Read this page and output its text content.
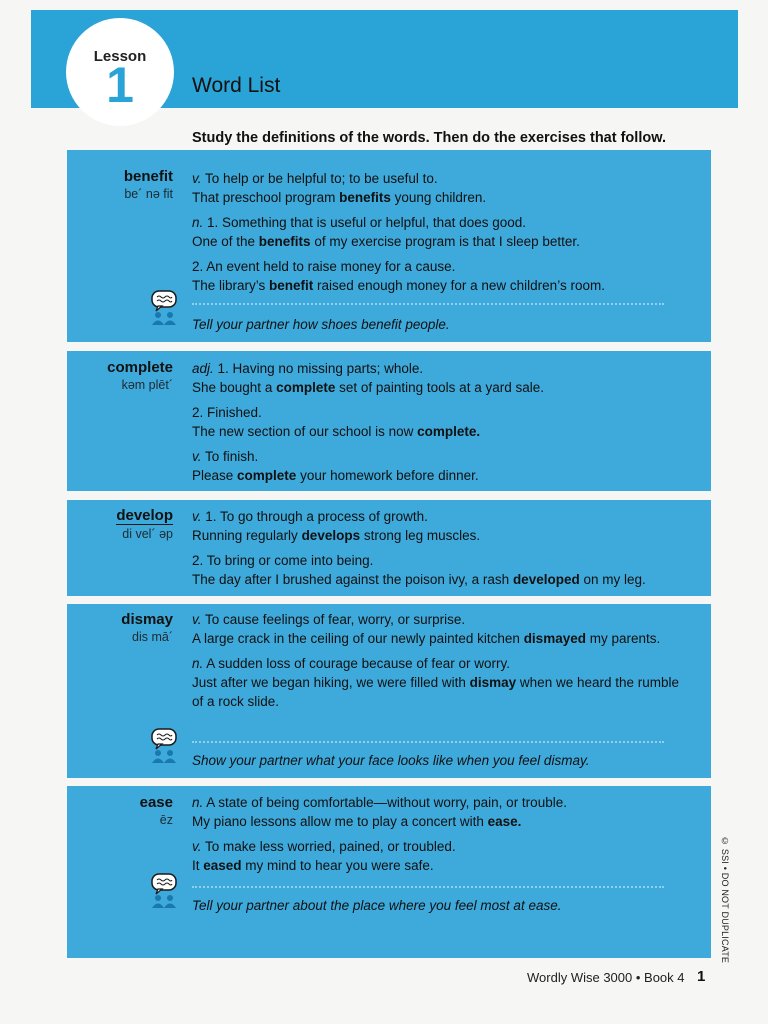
Lesson
1	Word List
Study the definitions of the words. Then do the exercises that follow.
benefit
be´ nə fit
v. To help or be helpful to; to be useful to.
That preschool program benefits young children.
n. 1. Something that is useful or helpful, that does good.
One of the benefits of my exercise program is that I sleep better.
2. An event held to raise money for a cause.
The library’s benefit raised enough money for a new children’s room.
Tell your partner how shoes benefit people.
complete
kəm plēt´
adj. 1. Having no missing parts; whole.
She bought a complete set of painting tools at a yard sale.
2. Finished.
The new section of our school is now complete.
v. To finish.
Please complete your homework before dinner.
develop
di vel´ əp
v. 1. To go through a process of growth.
Running regularly develops strong leg muscles.
2. To bring or come into being.
The day after I brushed against the poison ivy, a rash developed on my leg.
dismay
dis mā´
v. To cause feelings of fear, worry, or surprise.
A large crack in the ceiling of our newly painted kitchen dismayed my parents.
n. A sudden loss of courage because of fear or worry.
Just after we began hiking, we were filled with dismay when we heard the rumble of a rock slide.
Show your partner what your face looks like when you feel dismay.
ease
ēz
n. A state of being comfortable—without worry, pain, or trouble.
My piano lessons allow me to play a concert with ease.
v. To make less worried, pained, or troubled.
It eased my mind to hear you were safe.
Tell your partner about the place where you feel most at ease.	© SSI • DO NOT DUPLICATE
Wordly Wise 3000 • Book 4 1
